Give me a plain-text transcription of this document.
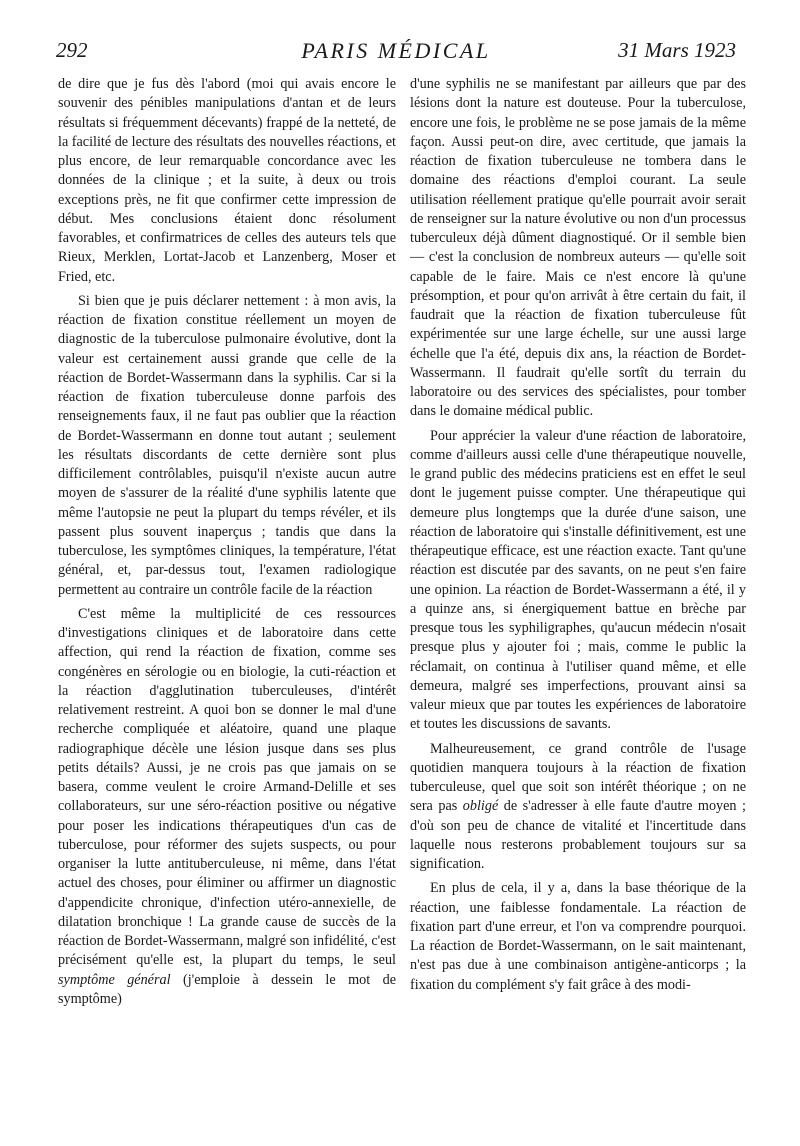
292	PARIS MÉDICAL	31 Mars 1923

de dire que je fus dès l'abord (moi qui avais encore le souvenir des pénibles manipulations d'antan et de leurs résultats si fréquemment décevants) frappé de la netteté, de la facilité de lecture des résultats des nouvelles réactions, et plus encore, de leur remarquable concordance avec les données de la clinique ; et la suite, à deux ou trois exceptions près, ne fit que confirmer cette impression de début. Mes conclusions étaient donc résolument favorables, et confirmatrices de celles des auteurs tels que Rieux, Merklen, Lortat-Jacob et Lanzenberg, Moser et Fried, etc.

Si bien que je puis déclarer nettement : à mon avis, la réaction de fixation constitue réellement un moyen de diagnostic de la tuberculose pulmonaire évolutive, dont la valeur est certainement aussi grande que celle de la réaction de Bordet-Wassermann dans la syphilis. Car si la réaction de fixation tuberculeuse donne parfois des renseignements faux, il ne faut pas oublier que la réaction de Bordet-Wassermann en donne tout autant ; seulement les résultats discordants de cette dernière sont plus difficilement contrôlables, puisqu'il n'existe aucun autre moyen de s'assurer de la réalité d'une syphilis latente que même l'autopsie ne peut la plupart du temps révéler, et ils passent plus souvent inaperçus ; tandis que dans la tuberculose, les symptômes cliniques, la température, l'état général, et, par-dessus tout, l'examen radiologique permettent au contraire un contrôle facile de la réaction

C'est même la multiplicité de ces ressources d'investigations cliniques et de laboratoire dans cette affection, qui rend la réaction de fixation, comme ses congénères en sérologie ou en biologie, la cuti-réaction et la réaction d'agglutination tuberculeuses, d'intérêt relativement restreint. A quoi bon se donner le mal d'une recherche compliquée et aléatoire, quand une plaque radiographique décèle une lésion jusque dans ses plus petits détails? Aussi, je ne crois pas que jamais on se basera, comme veulent le croire Armand-Delille et ses collaborateurs, sur une séro-réaction positive ou négative pour poser les indications thérapeutiques d'un cas de tuberculose, pour réformer des sujets suspects, ou pour organiser la lutte antituberculeuse, ni même, dans l'état actuel des choses, pour éliminer ou affirmer un diagnostic d'appendicite chronique, d'infection utéro-annexielle, de dilatation bronchique ! La grande cause de succès de la réaction de Bordet-Wassermann, malgré son infidélité, c'est précisément qu'elle est, la plupart du temps, le seul symptôme général (j'emploie à dessein le mot de symptôme)

d'une syphilis ne se manifestant par ailleurs que par des lésions dont la nature est douteuse. Pour la tuberculose, encore une fois, le problème ne se pose jamais de la même façon. Aussi peut-on dire, avec certitude, que jamais la réaction de fixation tuberculeuse ne tombera dans le domaine des réactions d'emploi courant. La seule utilisation réellement pratique qu'elle pourrait avoir serait de renseigner sur la nature évolutive ou non d'un processus tuberculeux déjà dûment diagnostiqué. Or il semble bien — c'est la conclusion de nombreux auteurs — qu'elle soit capable de le faire. Mais ce n'est encore là qu'une présomption, et pour qu'on arrivât à être certain du fait, il faudrait que la réaction de fixation tuberculeuse fût expérimentée sur une large échelle, sur une aussi large échelle que l'a été, depuis dix ans, la réaction de Bordet-Wassermann. Il faudrait qu'elle sortît du terrain du laboratoire ou des services des spécialistes, pour tomber dans le domaine médical public.

Pour apprécier la valeur d'une réaction de laboratoire, comme d'ailleurs aussi celle d'une thérapeutique nouvelle, le grand public des médecins praticiens est en effet le seul dont le jugement puisse compter. Une thérapeutique qui demeure plus longtemps que la durée d'une saison, une réaction de laboratoire qui s'installe définitivement, est une thérapeutique efficace, est une réaction exacte. Tant qu'une réaction est discutée par des savants, on ne peut s'en faire une opinion. La réaction de Bordet-Wassermann a été, il y a quinze ans, si énergiquement battue en brèche par presque tous les syphiligraphes, qu'aucun médecin n'osait presque plus y ajouter foi ; mais, comme le public la réclamait, on continua à l'utiliser quand même, et elle demeura, malgré ses imperfections, prouvant ainsi sa valeur mieux que par toutes les expériences de laboratoire et toutes les discussions de savants.

Malheureusement, ce grand contrôle de l'usage quotidien manquera toujours à la réaction de fixation tuberculeuse, quel que soit son intérêt théorique ; on ne sera pas obligé de s'adresser à elle faute d'autre moyen ; d'où son peu de chance de vitalité et l'incertitude dans laquelle nous resterons probablement toujours sur sa signification.

En plus de cela, il y a, dans la base théorique de la réaction, une faiblesse fondamentale. La réaction de fixation part d'une erreur, et l'on va comprendre pourquoi. La réaction de Bordet-Wassermann, on le sait maintenant, n'est pas due à une combinaison antigène-anticorps ; la fixation du complément s'y fait grâce à des modi-
